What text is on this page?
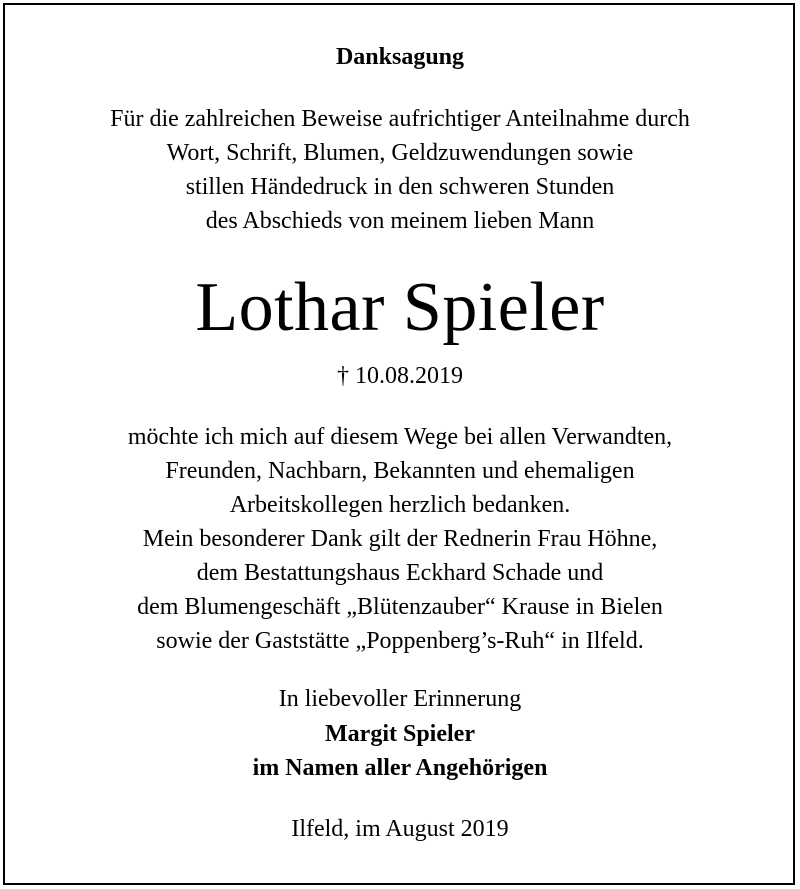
Danksagung
Für die zahlreichen Beweise aufrichtiger Anteilnahme durch
Wort, Schrift, Blumen, Geldzuwendungen sowie
stillen Händedruck in den schweren Stunden
des Abschieds von meinem lieben Mann
Lothar Spieler
† 10.08.2019
möchte ich mich auf diesem Wege bei allen Verwandten,
Freunden, Nachbarn, Bekannten und ehemaligen
Arbeitskollegen herzlich bedanken.
Mein besonderer Dank gilt der Rednerin Frau Höhne,
dem Bestattungshaus Eckhard Schade und
dem Blumengeschäft „Blütenzauber“ Krause in Bielen
sowie der Gaststätte „Poppenberg’s-Ruh“ in Ilfeld.
In liebevoller Erinnerung
Margit Spieler
im Namen aller Angehörigen
Ilfeld, im August 2019
